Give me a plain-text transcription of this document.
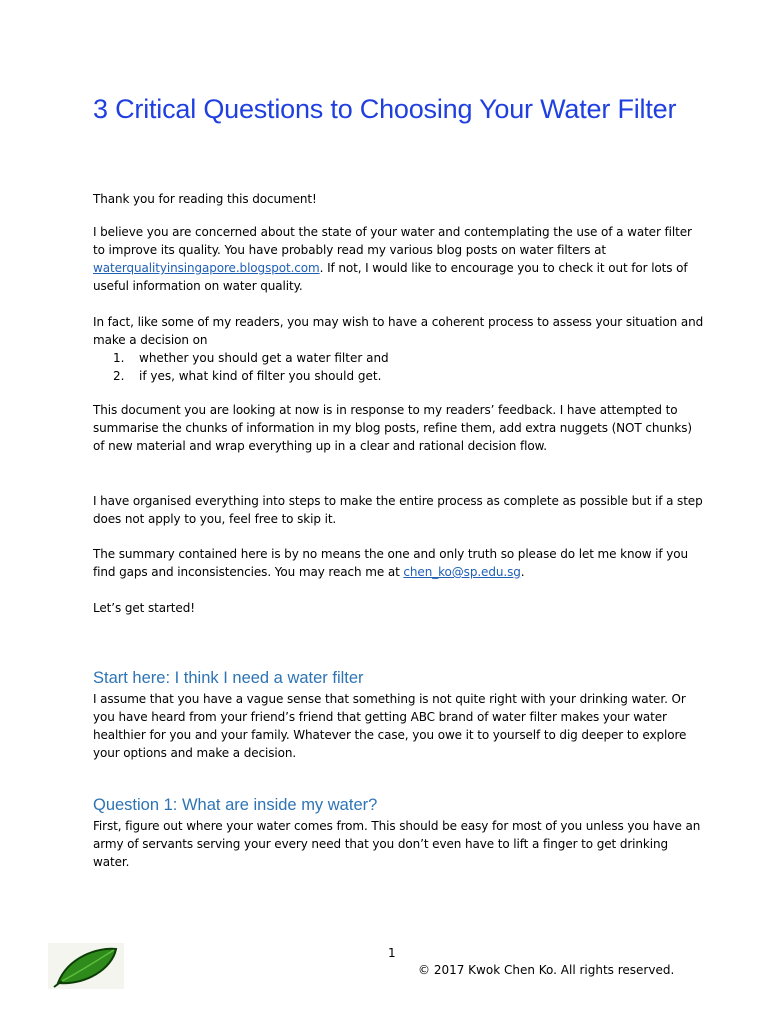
3 Critical Questions to Choosing Your Water Filter

Thank you for reading this document!

I believe you are concerned about the state of your water and contemplating the use of a water filter to improve its quality. You have probably read my various blog posts on water filters at waterqualityinsingapore.blogspot.com. If not, I would like to encourage you to check it out for lots of useful information on water quality.

In fact, like some of my readers, you may wish to have a coherent process to assess your situation and make a decision on

1.	whether you should get a water filter and
2.	if yes, what kind of filter you should get.

This document you are looking at now is in response to my readers’ feedback. I have attempted to summarise the chunks of information in my blog posts, refine them, add extra nuggets (NOT chunks) of new material and wrap everything up in a clear and rational decision flow.

I have organised everything into steps to make the entire process as complete as possible but if a step does not apply to you, feel free to skip it.

The summary contained here is by no means the one and only truth so please do let me know if you find gaps and inconsistencies. You may reach me at chen_ko@sp.edu.sg.

Let’s get started!

Start here: I think I need a water filter

I assume that you have a vague sense that something is not quite right with your drinking water. Or you have heard from your friend’s friend that getting ABC brand of water filter makes your water healthier for you and your family. Whatever the case, you owe it to yourself to dig deeper to explore your options and make a decision.

Question 1: What are inside my water?

First, figure out where your water comes from. This should be easy for most of you unless you have an army of servants serving your every need that you don’t even have to lift a finger to get drinking water.

1
© 2017 Kwok Chen Ko. All rights reserved.
